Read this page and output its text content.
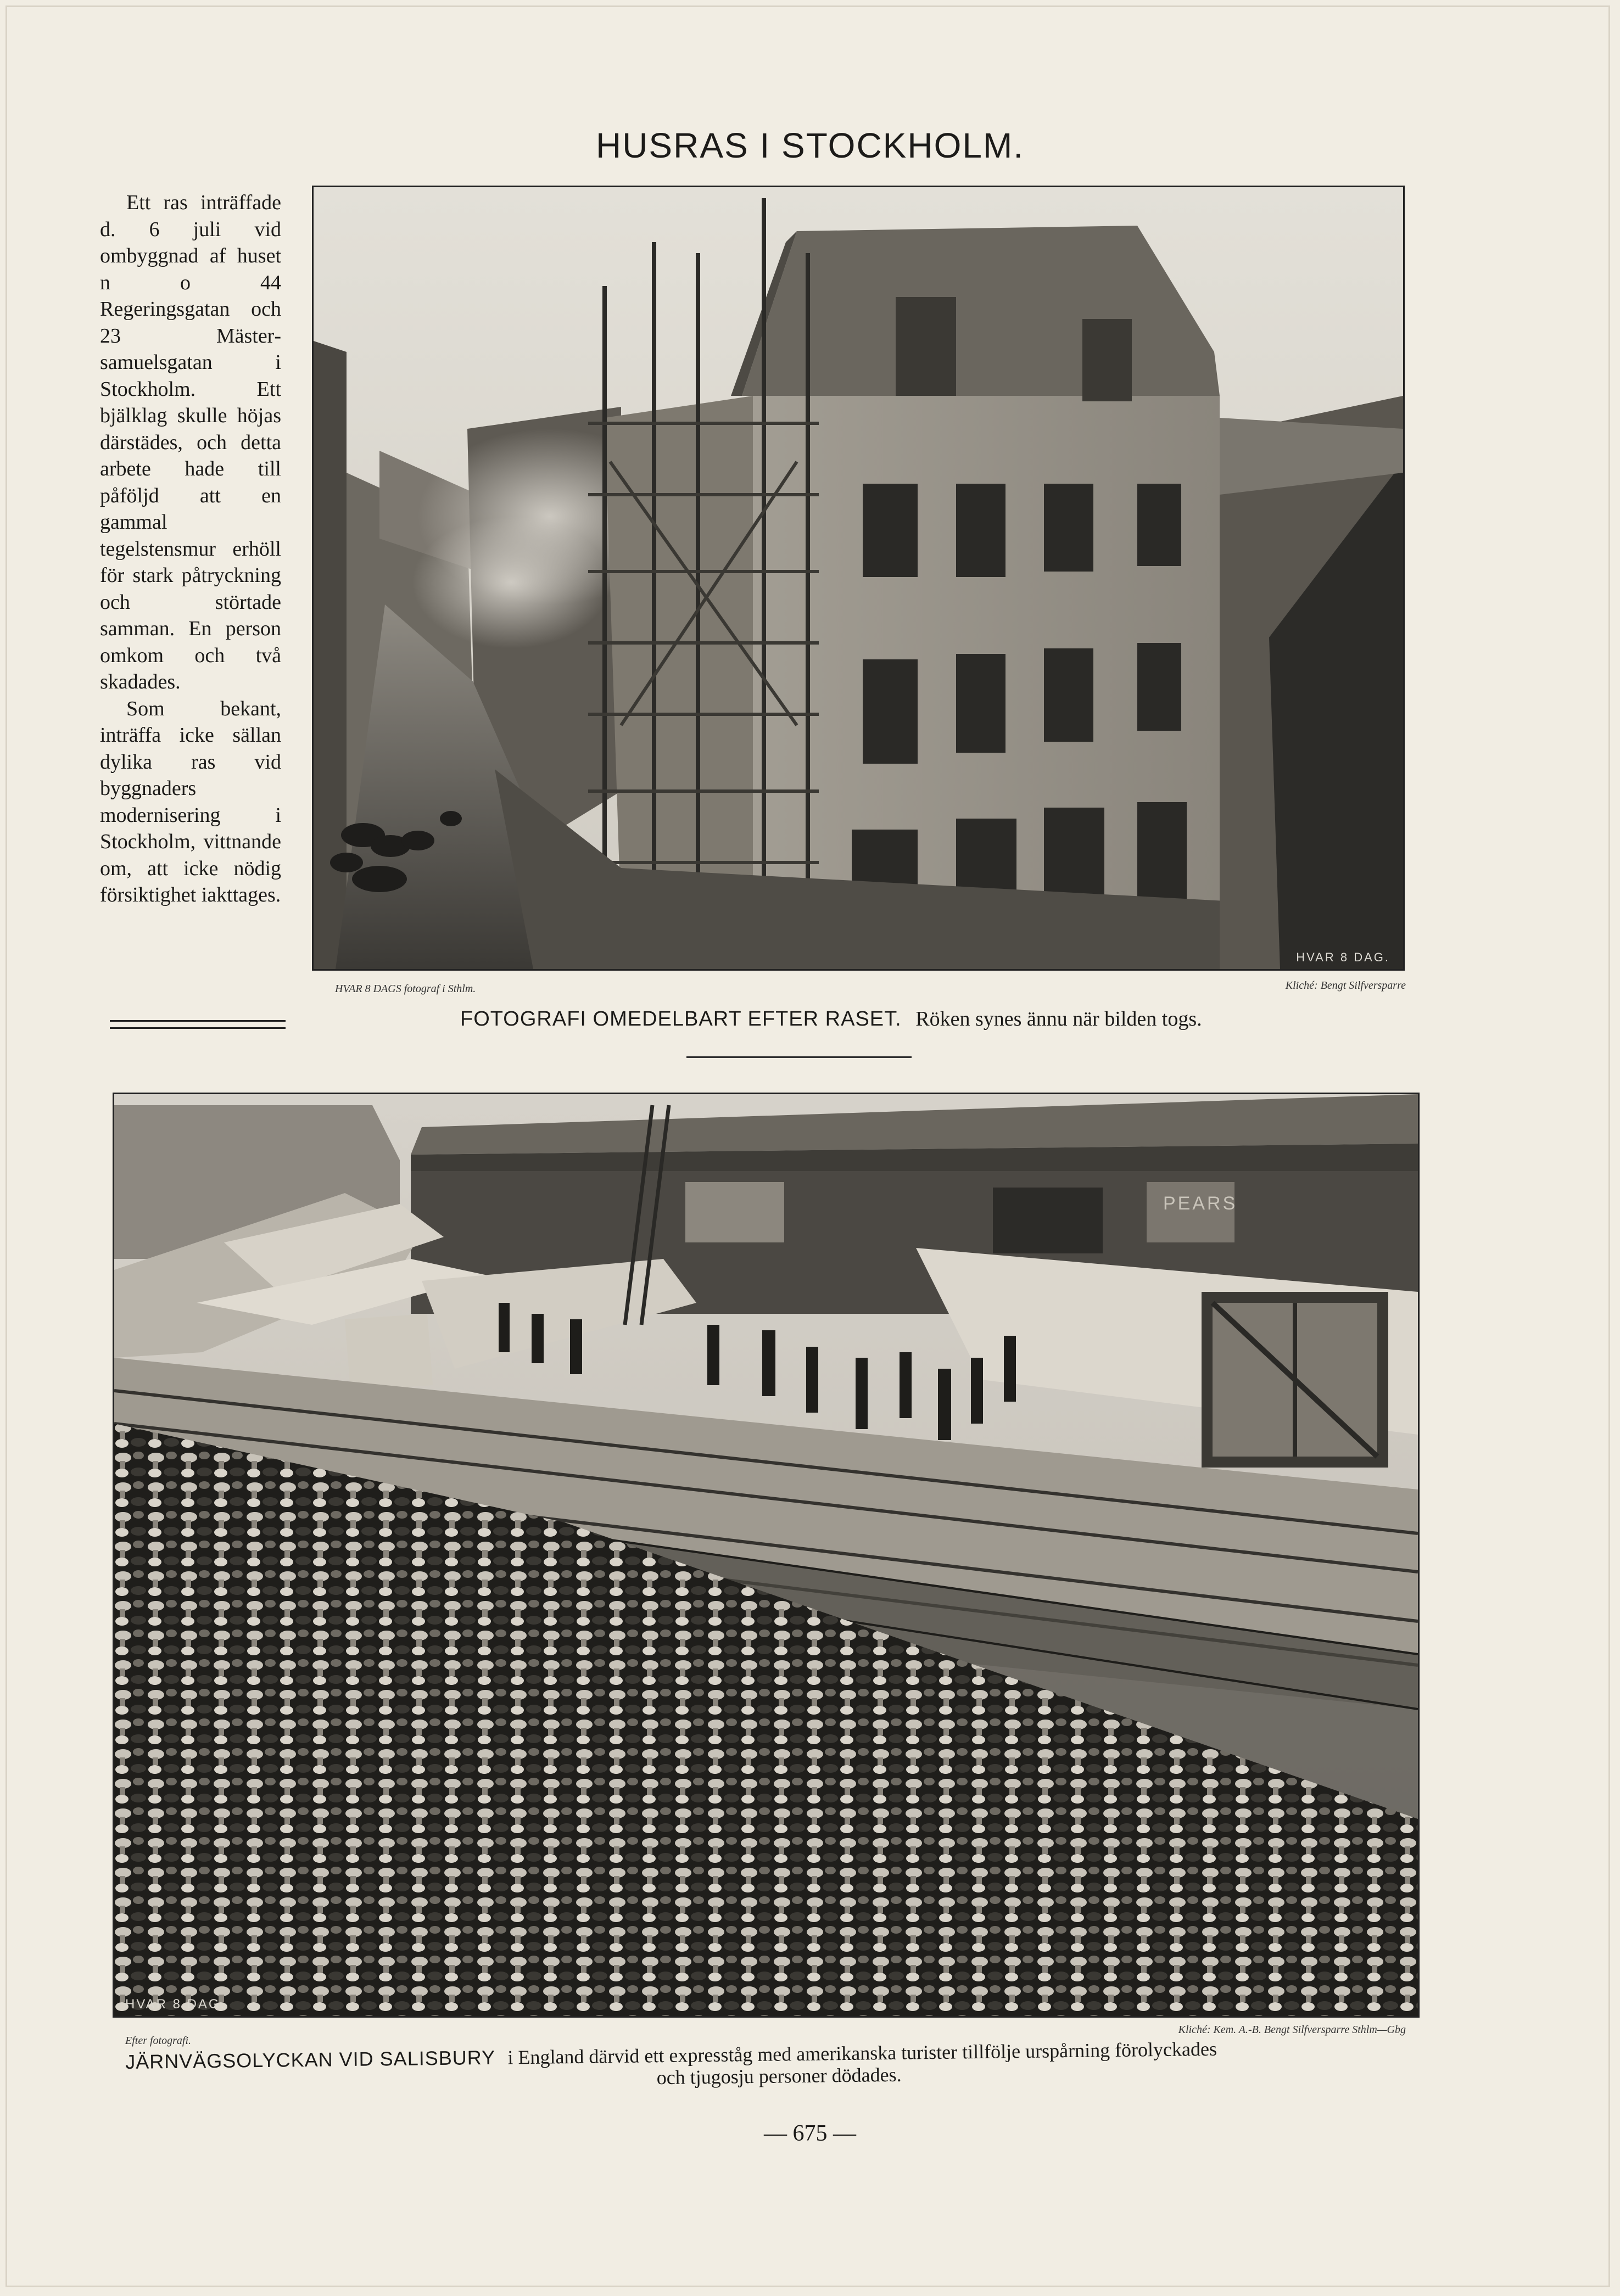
HUSRAS I STOCKHOLM.

Ett ras inträffade d. 6 juli vid ombyggnad af huset n o 44 Regeringsgatan och 23 Mästersamuelsgatan i Stockholm. Ett bjälklag skulle höjas därstädes, och detta arbete hade till påföljd att en gammal tegelstensmur erhöll för stark påtryckning och störtade samman. En person omkom och två skadades.

Som bekant, inträffa icke sällan dylika ras vid byggnaders modernisering i Stockholm, vittnande om, att icke nödig försiktighet iakttages.

HVAR 8 DAG.
HVAR 8 DAGS fotograf i Sthlm.	Kliché: Bengt Silfversparre
FOTOGRAFI OMEDELBART EFTER RASET. Röken synes ännu när bilden togs.
PEARS
HVAR 8 DAG.
Efter fotografi.
Kliché: Kem. A.-B. Bengt Silfversparre Sthlm—Gbg
JÄRNVÄGSOLYCKAN VID SALISBURY i England därvid ett expresståg med amerikanska turister tillfölje urspårning förolyckades
och tjugosju personer dödades.
— 675 —
